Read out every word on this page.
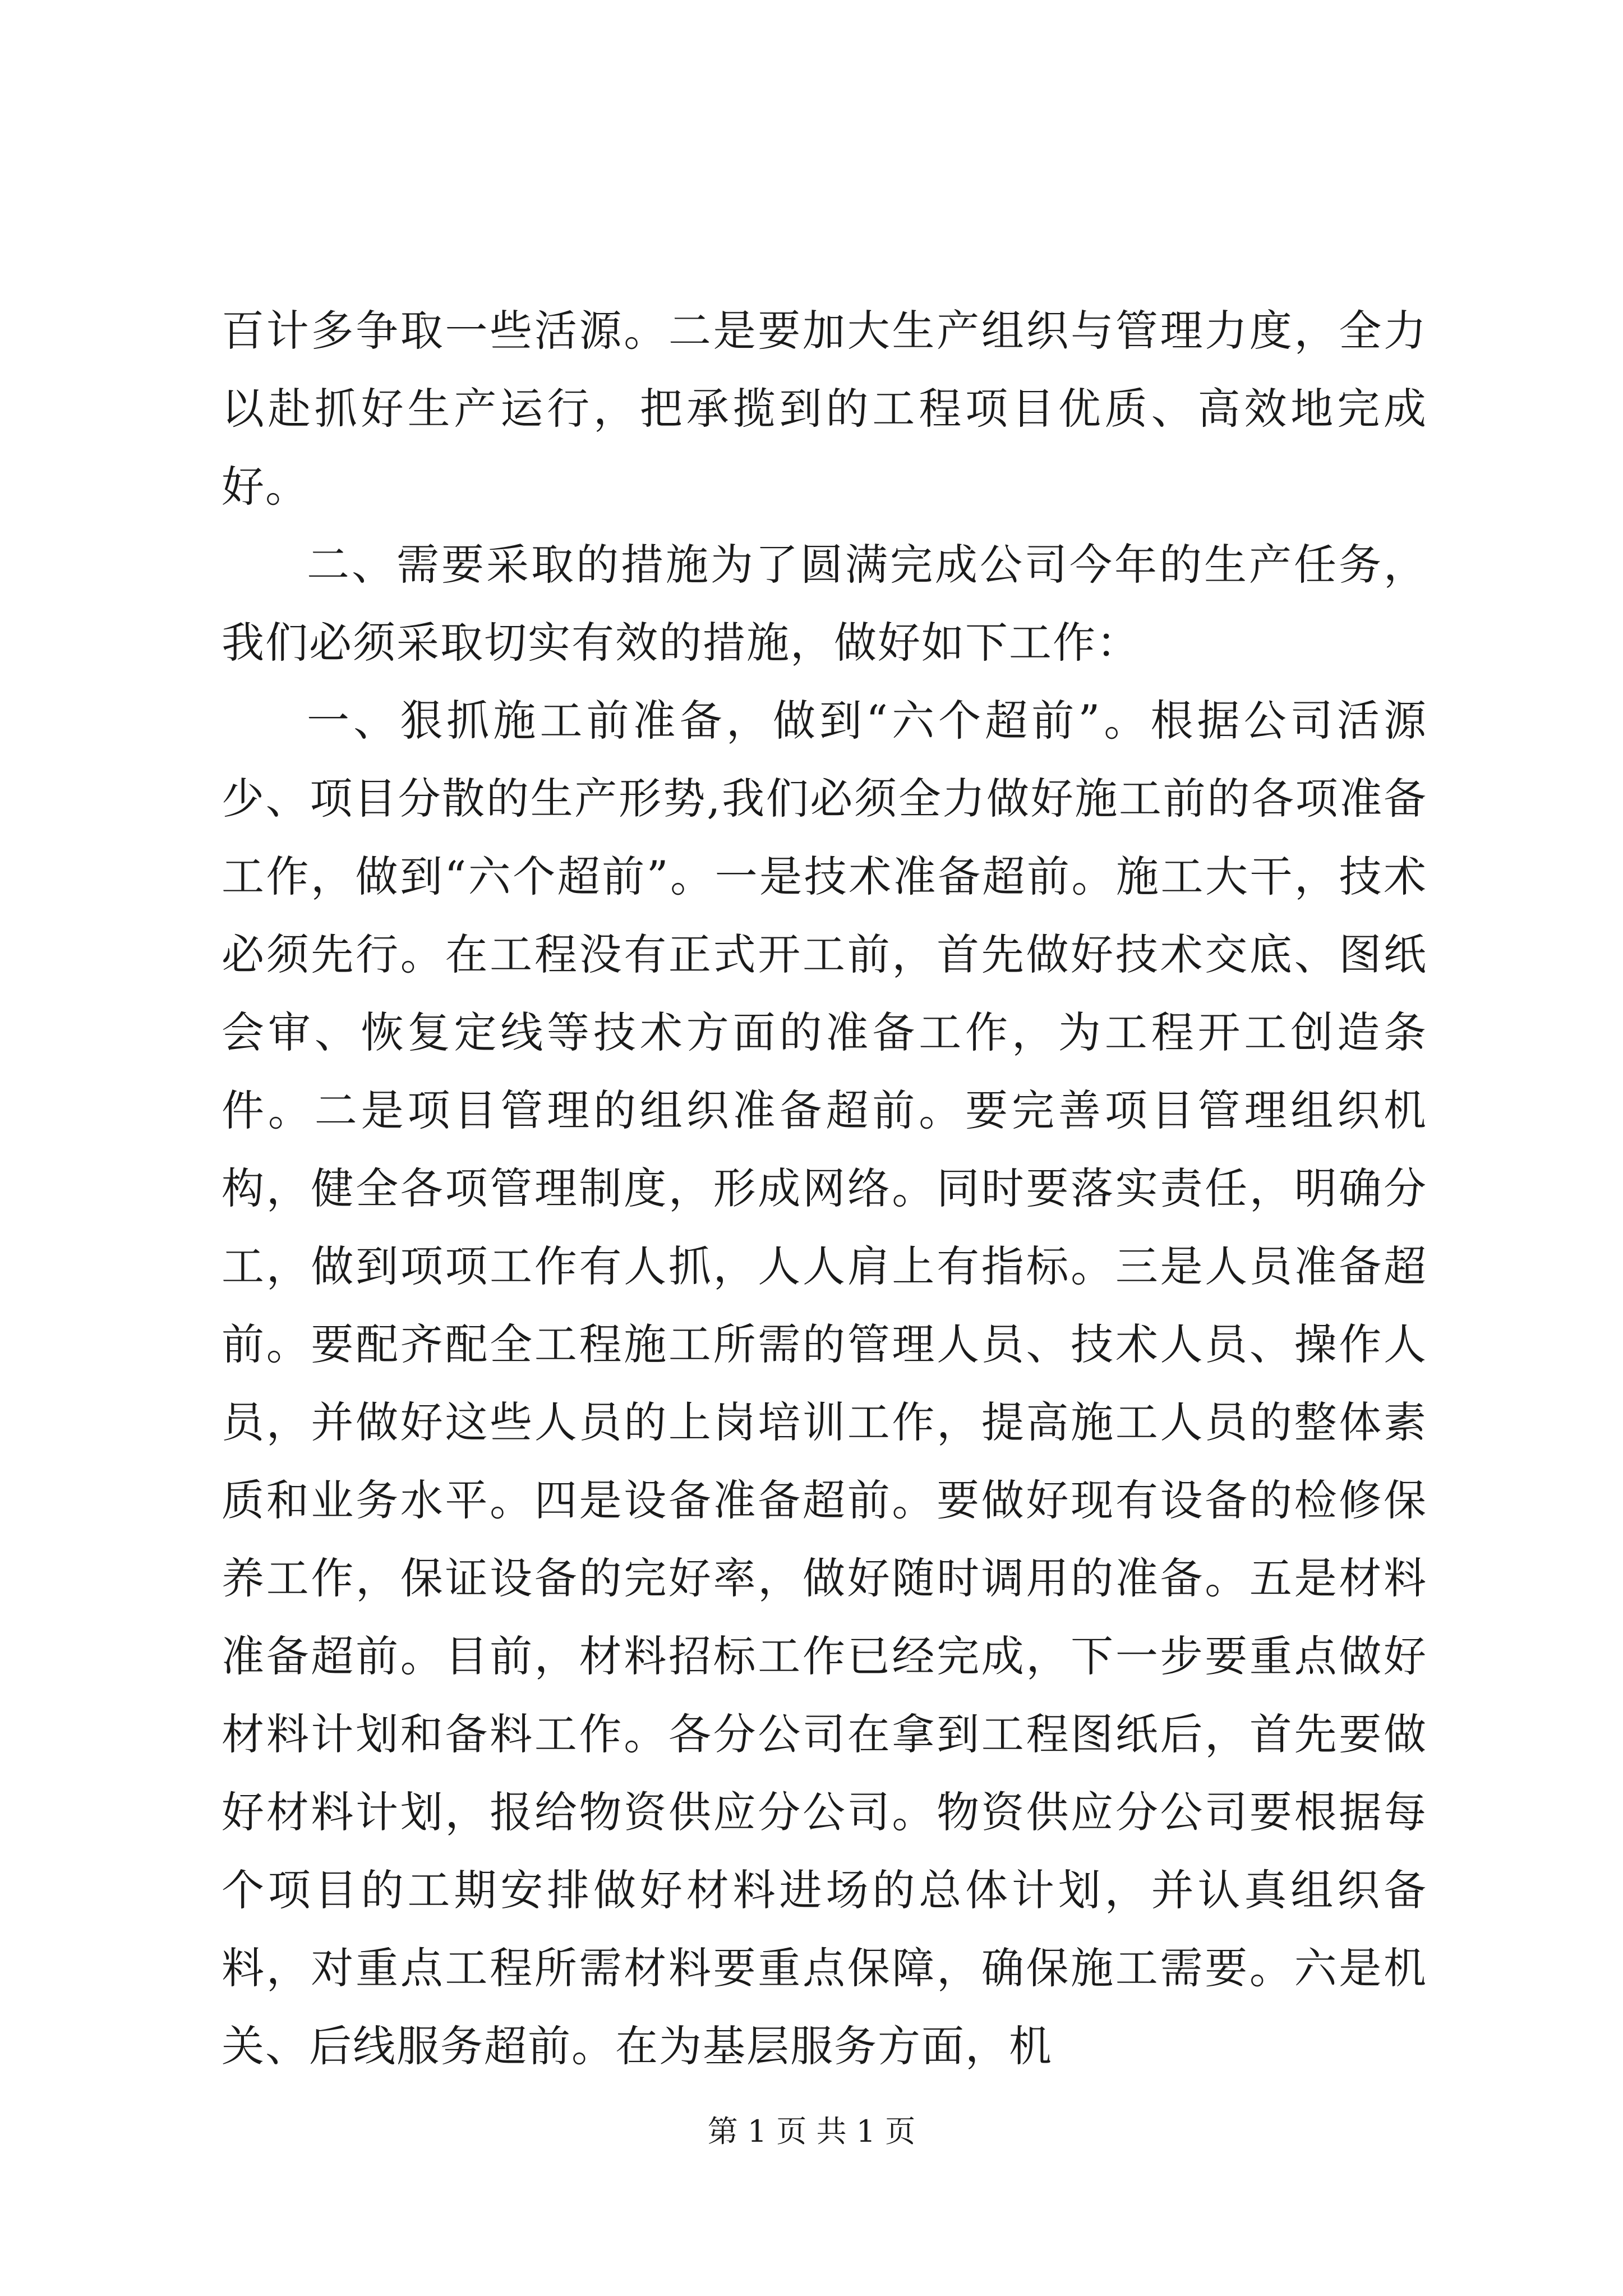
百计多争取一些活源。二是要加大生产组织与管理力度，全力以赴抓好生产运行，把承揽到的工程项目优质、高效地完成好。

二、需要采取的措施为了圆满完成公司今年的生产任务，我们必须采取切实有效的措施，做好如下工作：

一、狠抓施工前准备，做到“六个超前”。根据公司活源少、项目分散的生产形势,我们必须全力做好施工前的各项准备工作，做到“六个超前”。一是技术准备超前。施工大干，技术必须先行。在工程没有正式开工前，首先做好技术交底、图纸会审、恢复定线等技术方面的准备工作，为工程开工创造条件。二是项目管理的组织准备超前。要完善项目管理组织机构，健全各项管理制度，形成网络。同时要落实责任，明确分工，做到项项工作有人抓，人人肩上有指标。三是人员准备超前。要配齐配全工程施工所需的管理人员、技术人员、操作人员，并做好这些人员的上岗培训工作，提高施工人员的整体素质和业务水平。四是设备准备超前。要做好现有设备的检修保养工作，保证设备的完好率，做好随时调用的准备。五是材料准备超前。目前，材料招标工作已经完成，下一步要重点做好材料计划和备料工作。各分公司在拿到工程图纸后，首先要做好材料计划，报给物资供应分公司。物资供应分公司要根据每个项目的工期安排做好材料进场的总体计划，并认真组织备料，对重点工程所需材料要重点保障，确保施工需要。六是机关、后线服务超前。在为基层服务方面，机

第 1 页 共 1 页
